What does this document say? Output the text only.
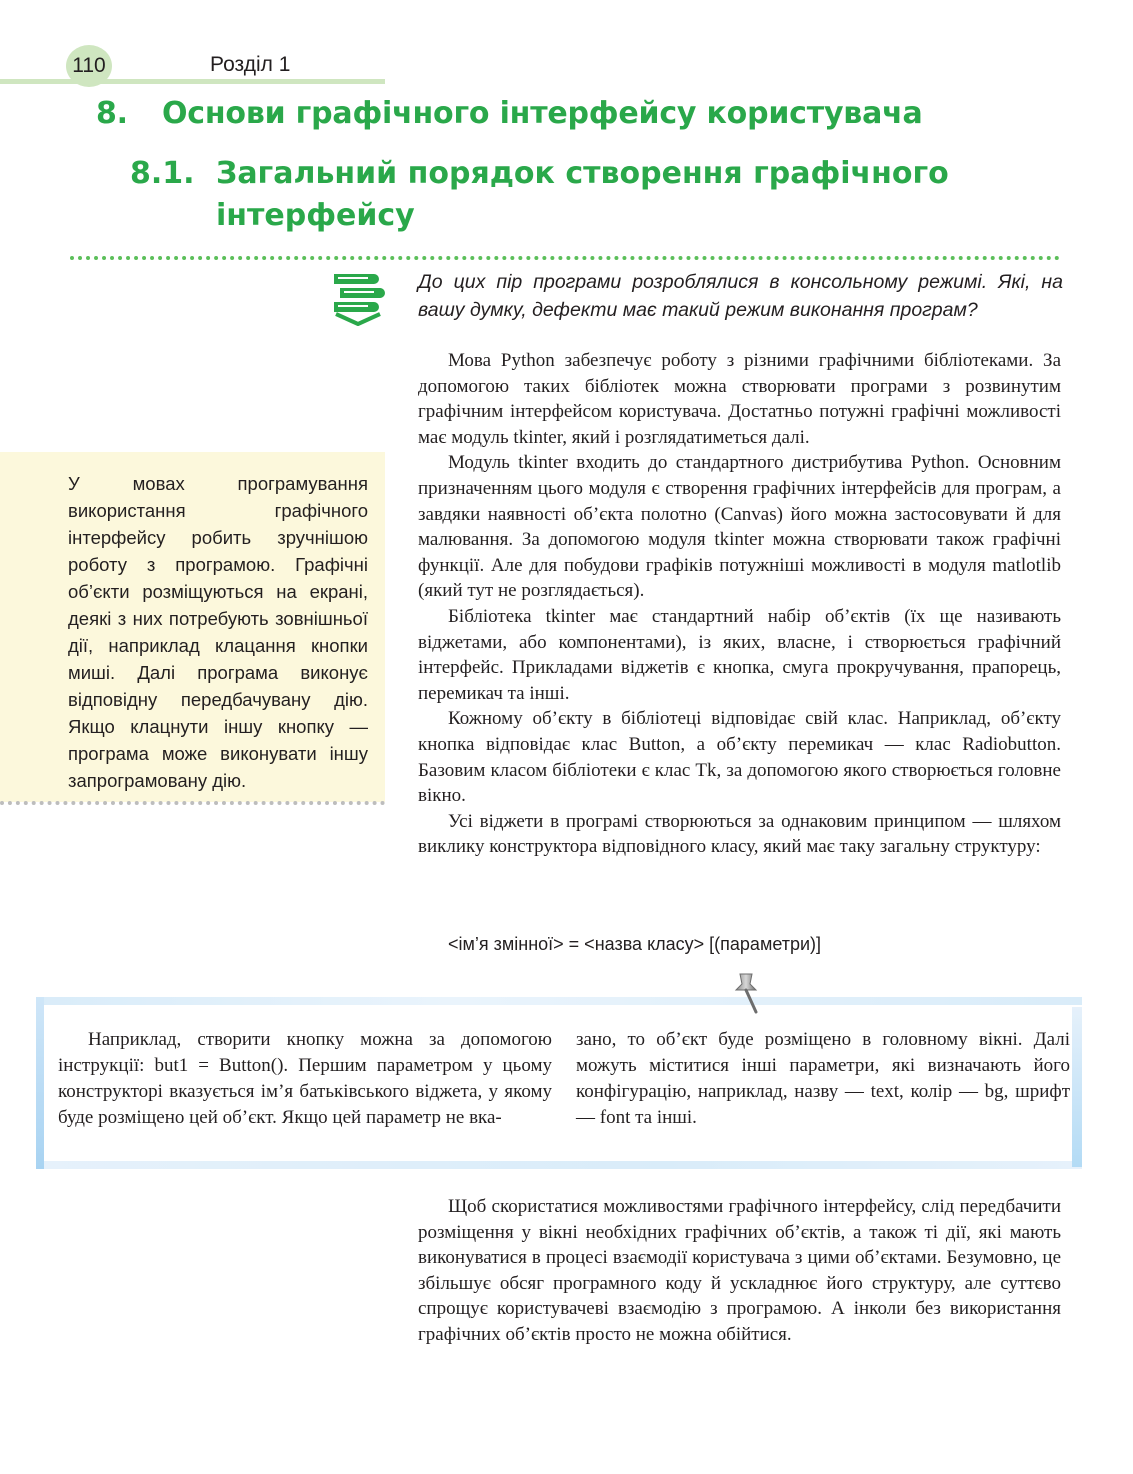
110	Розділ 1
8. Основи графічного інтерфейсу користувача
8.1. Загальний порядок створення графічного інтерфейсу

До цих пір програми розроблялися в консольному режимі. Які, на вашу думку, дефекти має такий режим виконання програм?

Мова Python забезпечує роботу з різними графічними бібліотеками. За допомогою таких бібліотек можна створювати програми з розвинутим графічним інтерфейсом користувача. Достатньо потужні графічні можливості має модуль tkinter, який і розглядатиметься далі.

Модуль tkinter входить до стандартного дистрибутива Python. Основним призначенням цього модуля є створення графічних інтерфейсів для програм, а завдяки наявності об’єкта полотно (Canvas) його можна застосовувати й для малювання. За допомогою модуля tkinter можна створювати також графічні функції. Але для побудови графіків потужніші можливості в модуля matlotlib (який тут не розглядається).

Бібліотека tkinter має стандартний набір об’єктів (їх ще називають віджетами, або компонентами), із яких, власне, і створюється графічний інтерфейс. Прикладами віджетів є кнопка, смуга прокручування, прапорець, перемикач та інші.

Кожному об’єкту в бібліотеці відповідає свій клас. Наприклад, об’єкту кнопка відповідає клас Button, а об’єкту перемикач — клас Radiobutton. Базовим класом бібліотеки є клас Tk, за допомогою якого створюється головне вікно.

Усі віджети в програмі створюються за однаковим принципом — шляхом виклику конструктора відповідного класу, який має таку загальну структуру:

<ім’я змінної> = <назва класу> [(параметри)]

У мовах програмування використання графічного інтерфейсу робить зручнішою роботу з програмою. Графічні об’єкти розміщуються на екрані, деякі з них потребують зовнішньої дії, наприклад клацання кнопки миші. Далі програма виконує відповідну передбачувану дію. Якщо клацнути іншу кнопку — програма може виконувати іншу запрограмовану дію.

Наприклад, створити кнопку можна за допомогою інструкції: but1 = Button(). Першим параметром у цьому конструкторі вказується ім’я батьківського віджета, у якому буде розміщено цей об’єкт. Якщо цей параметр не вка-

зано, то об’єкт буде розміщено в головному вікні. Далі можуть міститися інші параметри, які визначають його конфігурацію, наприклад, назву — text, колір — bg, шрифт — font та інші.

Щоб скористатися можливостями графічного інтерфейсу, слід передбачити розміщення у вікні необхідних графічних об’єктів, а також ті дії, які мають виконуватися в процесі взаємодії користувача з цими об’єктами. Безумовно, це збільшує обсяг програмного коду й ускладнює його структуру, але суттєво спрощує користувачеві взаємодію з програмою. А інколи без використання графічних об’єктів просто не можна обійтися.
